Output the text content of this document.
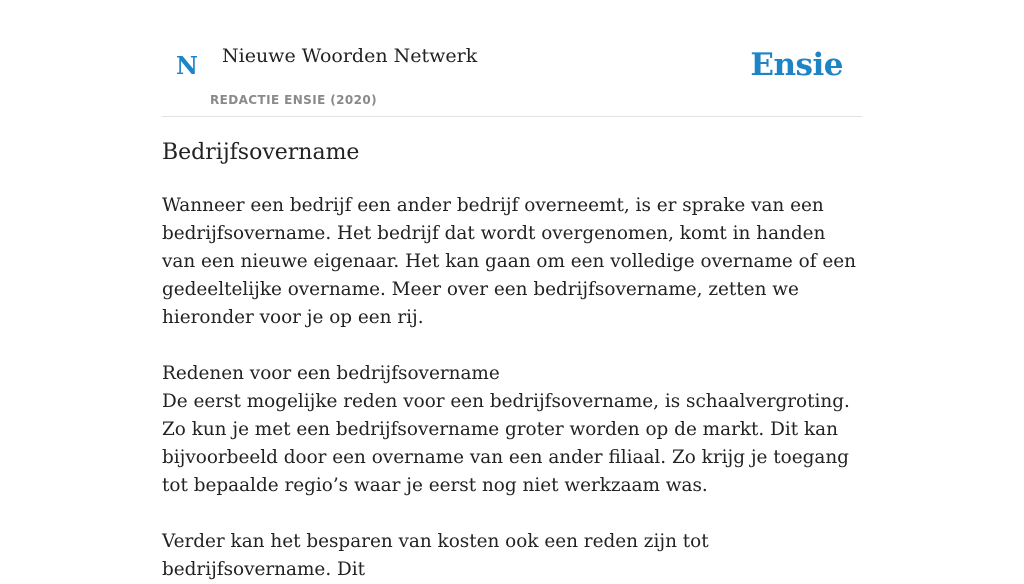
N Nieuwe Woorden Netwerk
REDACTIE ENSIE (2020)
Ensie
Bedrijfsovername

Wanneer een bedrijf een ander bedrijf overneemt, is er sprake van een bedrijfsovername. Het bedrijf dat wordt overgenomen, komt in handen van een nieuwe eigenaar. Het kan gaan om een volledige overname of een gedeeltelijke overname. Meer over een bedrijfsovername, zetten we hieronder voor je op een rij.

Redenen voor een bedrijfsovername

De eerst mogelijke reden voor een bedrijfsovername, is schaalvergroting. Zo kun je met een bedrijfsovername groter worden op de markt. Dit kan bijvoorbeeld door een overname van een ander filiaal. Zo krijg je toegang tot bepaalde regio’s waar je eerst nog niet werkzaam was.

Verder kan het besparen van kosten ook een reden zijn tot bedrijfsovername. Dit
